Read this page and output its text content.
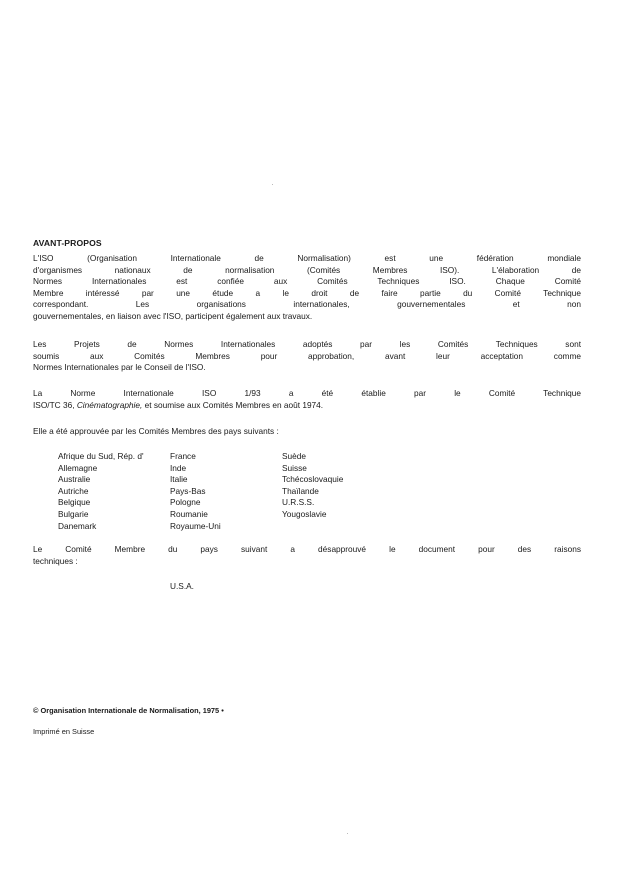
AVANT-PROPOS

L'ISO (Organisation Internationale de Normalisation) est une fédération mondiale

d'organismes nationaux de normalisation (Comités Membres ISO). L'élaboration de

Normes Internationales est confiée aux Comités Techniques ISO. Chaque Comité

Membre intéressé par une étude a le droit de faire partie du Comité Technique

correspondant. Les organisations internationales, gouvernementales et non

gouvernementales, en liaison avec l'ISO, participent également aux travaux.

Les Projets de Normes Internationales adoptés par les Comités Techniques sont

soumis aux Comités Membres pour approbation, avant leur acceptation comme

Normes Internationales par le Conseil de l'ISO.

La Norme Internationale ISO 1/93 a été établie par le Comité Technique

ISO/TC 36, Cinématographie, et soumise aux Comités Membres en août 1974.

Elle a été approuvée par les Comités Membres des pays suivants :

Afrique du Sud, Rép. d'
Allemagne
Australie
Autriche
Belgique
Bulgarie
Danemark
France
Inde
Italie
Pays-Bas
Pologne
Roumanie
Royaume-Uni
Suède
Suisse
Tchécoslovaquie
Thaïlande
U.R.S.S.
Yougoslavie

Le Comité Membre du pays suivant a désapprouvé le document pour des raisons

techniques :

U.S.A.
© Organisation Internationale de Normalisation, 1975 •
Imprimé en Suisse
